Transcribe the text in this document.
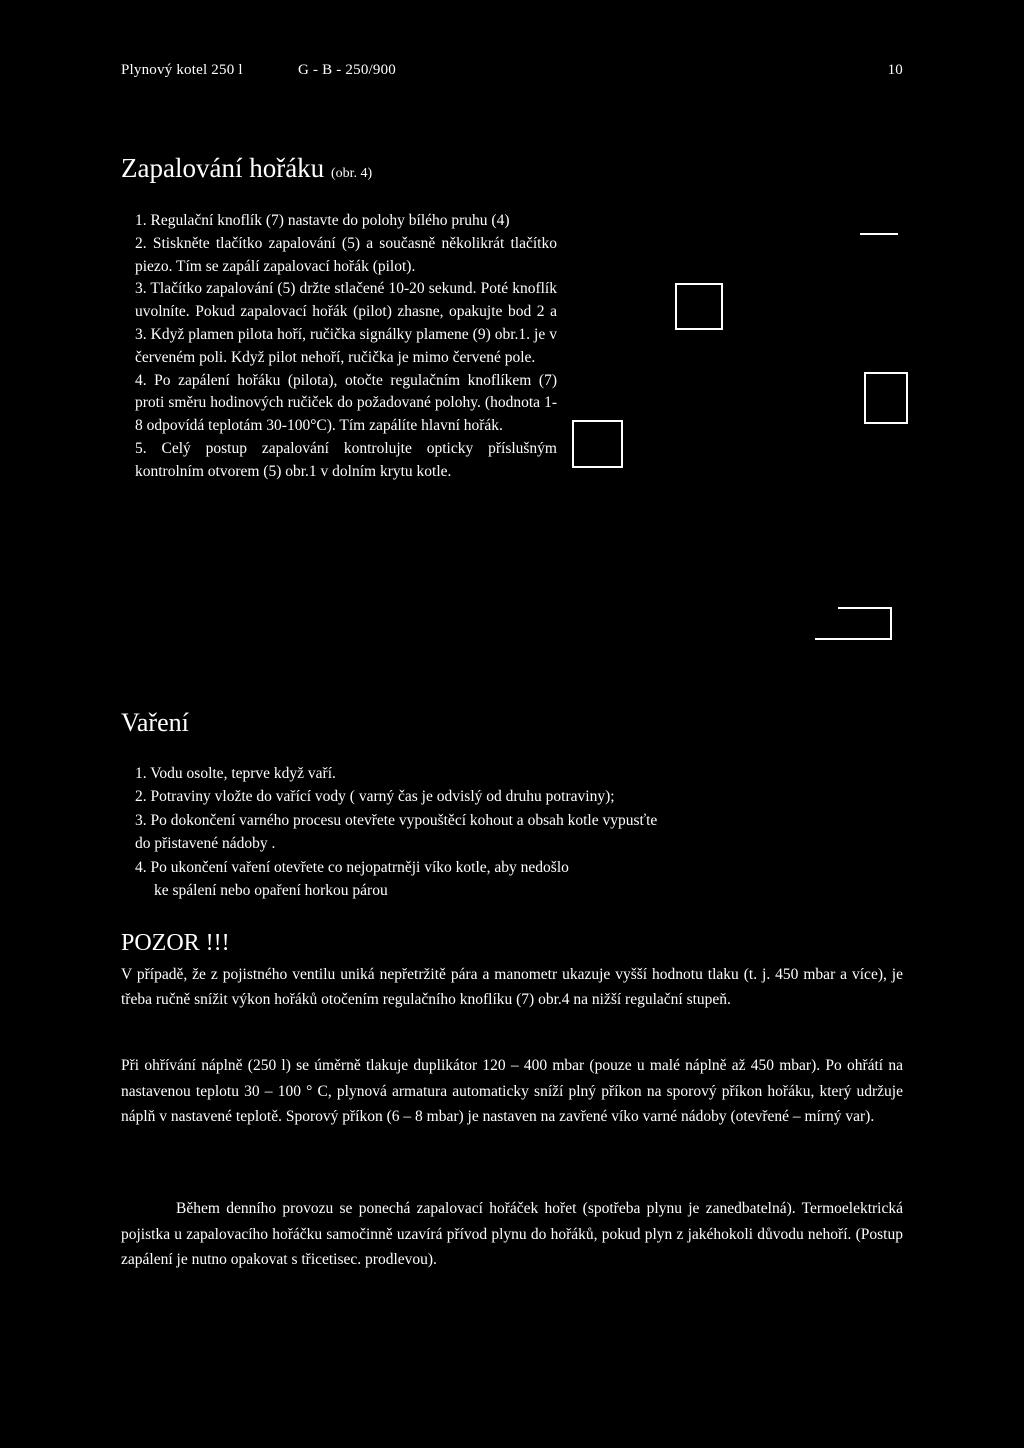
Plynový kotel 250 l	G - B - 250/900	10
Zapalování hořáku (obr. 4)

1. Regulační knoflík (7) nastavte do polohy bílého pruhu (4)

2. Stiskněte tlačítko zapalování (5) a současně několikrát tlačítko piezo. Tím se zapálí zapalovací hořák (pilot).

3. Tlačítko zapalování (5) držte stlačené 10-20 sekund. Poté knoflík uvolníte. Pokud zapalovací hořák (pilot) zhasne, opakujte bod 2 a 3. Když plamen pilota hoří, ručička signálky plamene (9) obr.1. je v červeném poli. Když pilot nehoří, ručička je mimo červené pole.

4. Po zapálení hořáku (pilota), otočte regulačním knoflíkem (7) proti směru hodinových ručiček do požadované polohy. (hodnota 1-8 odpovídá teplotám 30-100°C). Tím zapálíte hlavní hořák.

5. Celý postup zapalování kontrolujte opticky příslušným kontrolním otvorem (5) obr.1 v dolním krytu kotle.

Vaření

1. Vodu osolte, teprve když vaří.

2. Potraviny vložte do vařící vody ( varný čas je odvislý od druhu potraviny);

3. Po dokončení varného procesu otevřete vypouštěcí kohout a obsah kotle vypusťte

do přistavené nádoby .

4. Po ukončení vaření otevřete co nejopatrněji víko kotle, aby nedošlo

ke spálení nebo opaření horkou párou

POZOR !!!

V případě, že z pojistného ventilu uniká nepřetržitě pára a manometr ukazuje vyšší hodnotu tlaku (t. j. 450 mbar a více), je třeba ručně snížit výkon hořáků otočením regulačního knoflíku (7) obr.4 na nižší regulační stupeň.

Při ohřívání náplně (250 l) se úměrně tlakuje duplikátor 120 – 400 mbar (pouze u malé náplně až 450 mbar). Po ohřátí na nastavenou teplotu 30 – 100 ° C, plynová armatura automaticky sníží plný příkon na sporový příkon hořáku, který udržuje náplň v nastavené teplotě. Sporový příkon (6 – 8 mbar) je nastaven na zavřené víko varné nádoby (otevřené – mírný var).

Během denního provozu se ponechá zapalovací hořáček hořet (spotřeba plynu je zanedbatelná). Termoelektrická pojistka u zapalovacího hořáčku samočinně uzavírá přívod plynu do hořáků, pokud plyn z jakéhokoli důvodu nehoří. (Postup zapálení je nutno opakovat s třicetisec. prodlevou).
